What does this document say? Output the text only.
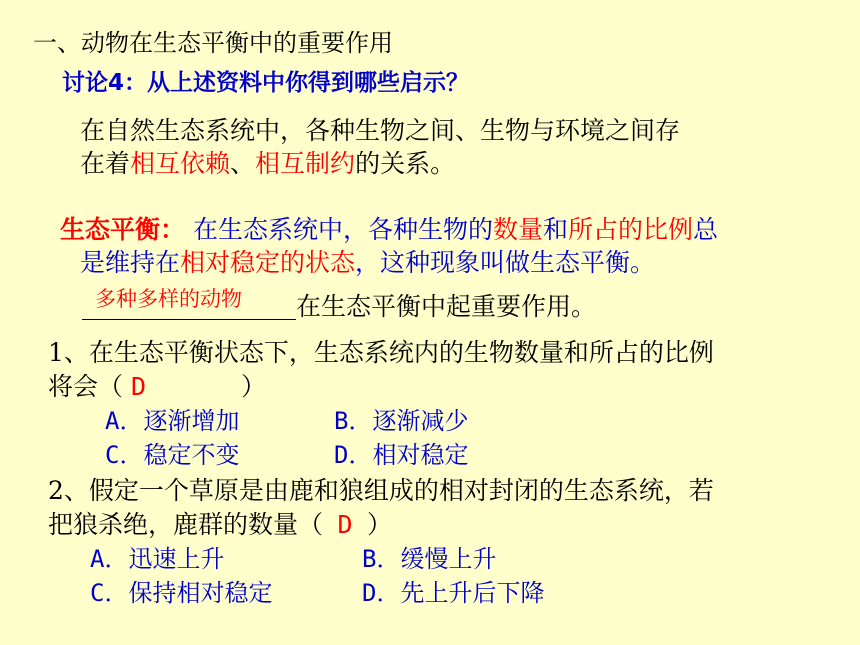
一、动物在生态平衡中的重要作用
讨论4：从上述资料中你得到哪些启示？
在自然生态系统中，各种生物之间、生物与环境之间存
在着相互依赖、相互制约的关系。
生态平衡： 在生态系统中，各种生物的数量和所占的比例总
是维持在相对稳定的状态，这种现象叫做生态平衡。
多种多样的动物 在生态平衡中起重要作用。
1、在生态平衡状态下，生态系统内的生物数量和所占的比例
将会（ D	）
A．逐渐增加	B．逐渐减少
C．稳定不变	D．相对稳定
2、假定一个草原是由鹿和狼组成的相对封闭的生态系统，若
把狼杀绝，鹿群的数量（ D ）
A．迅速上升	B．缓慢上升
C．保持相对稳定	D．先上升后下降
